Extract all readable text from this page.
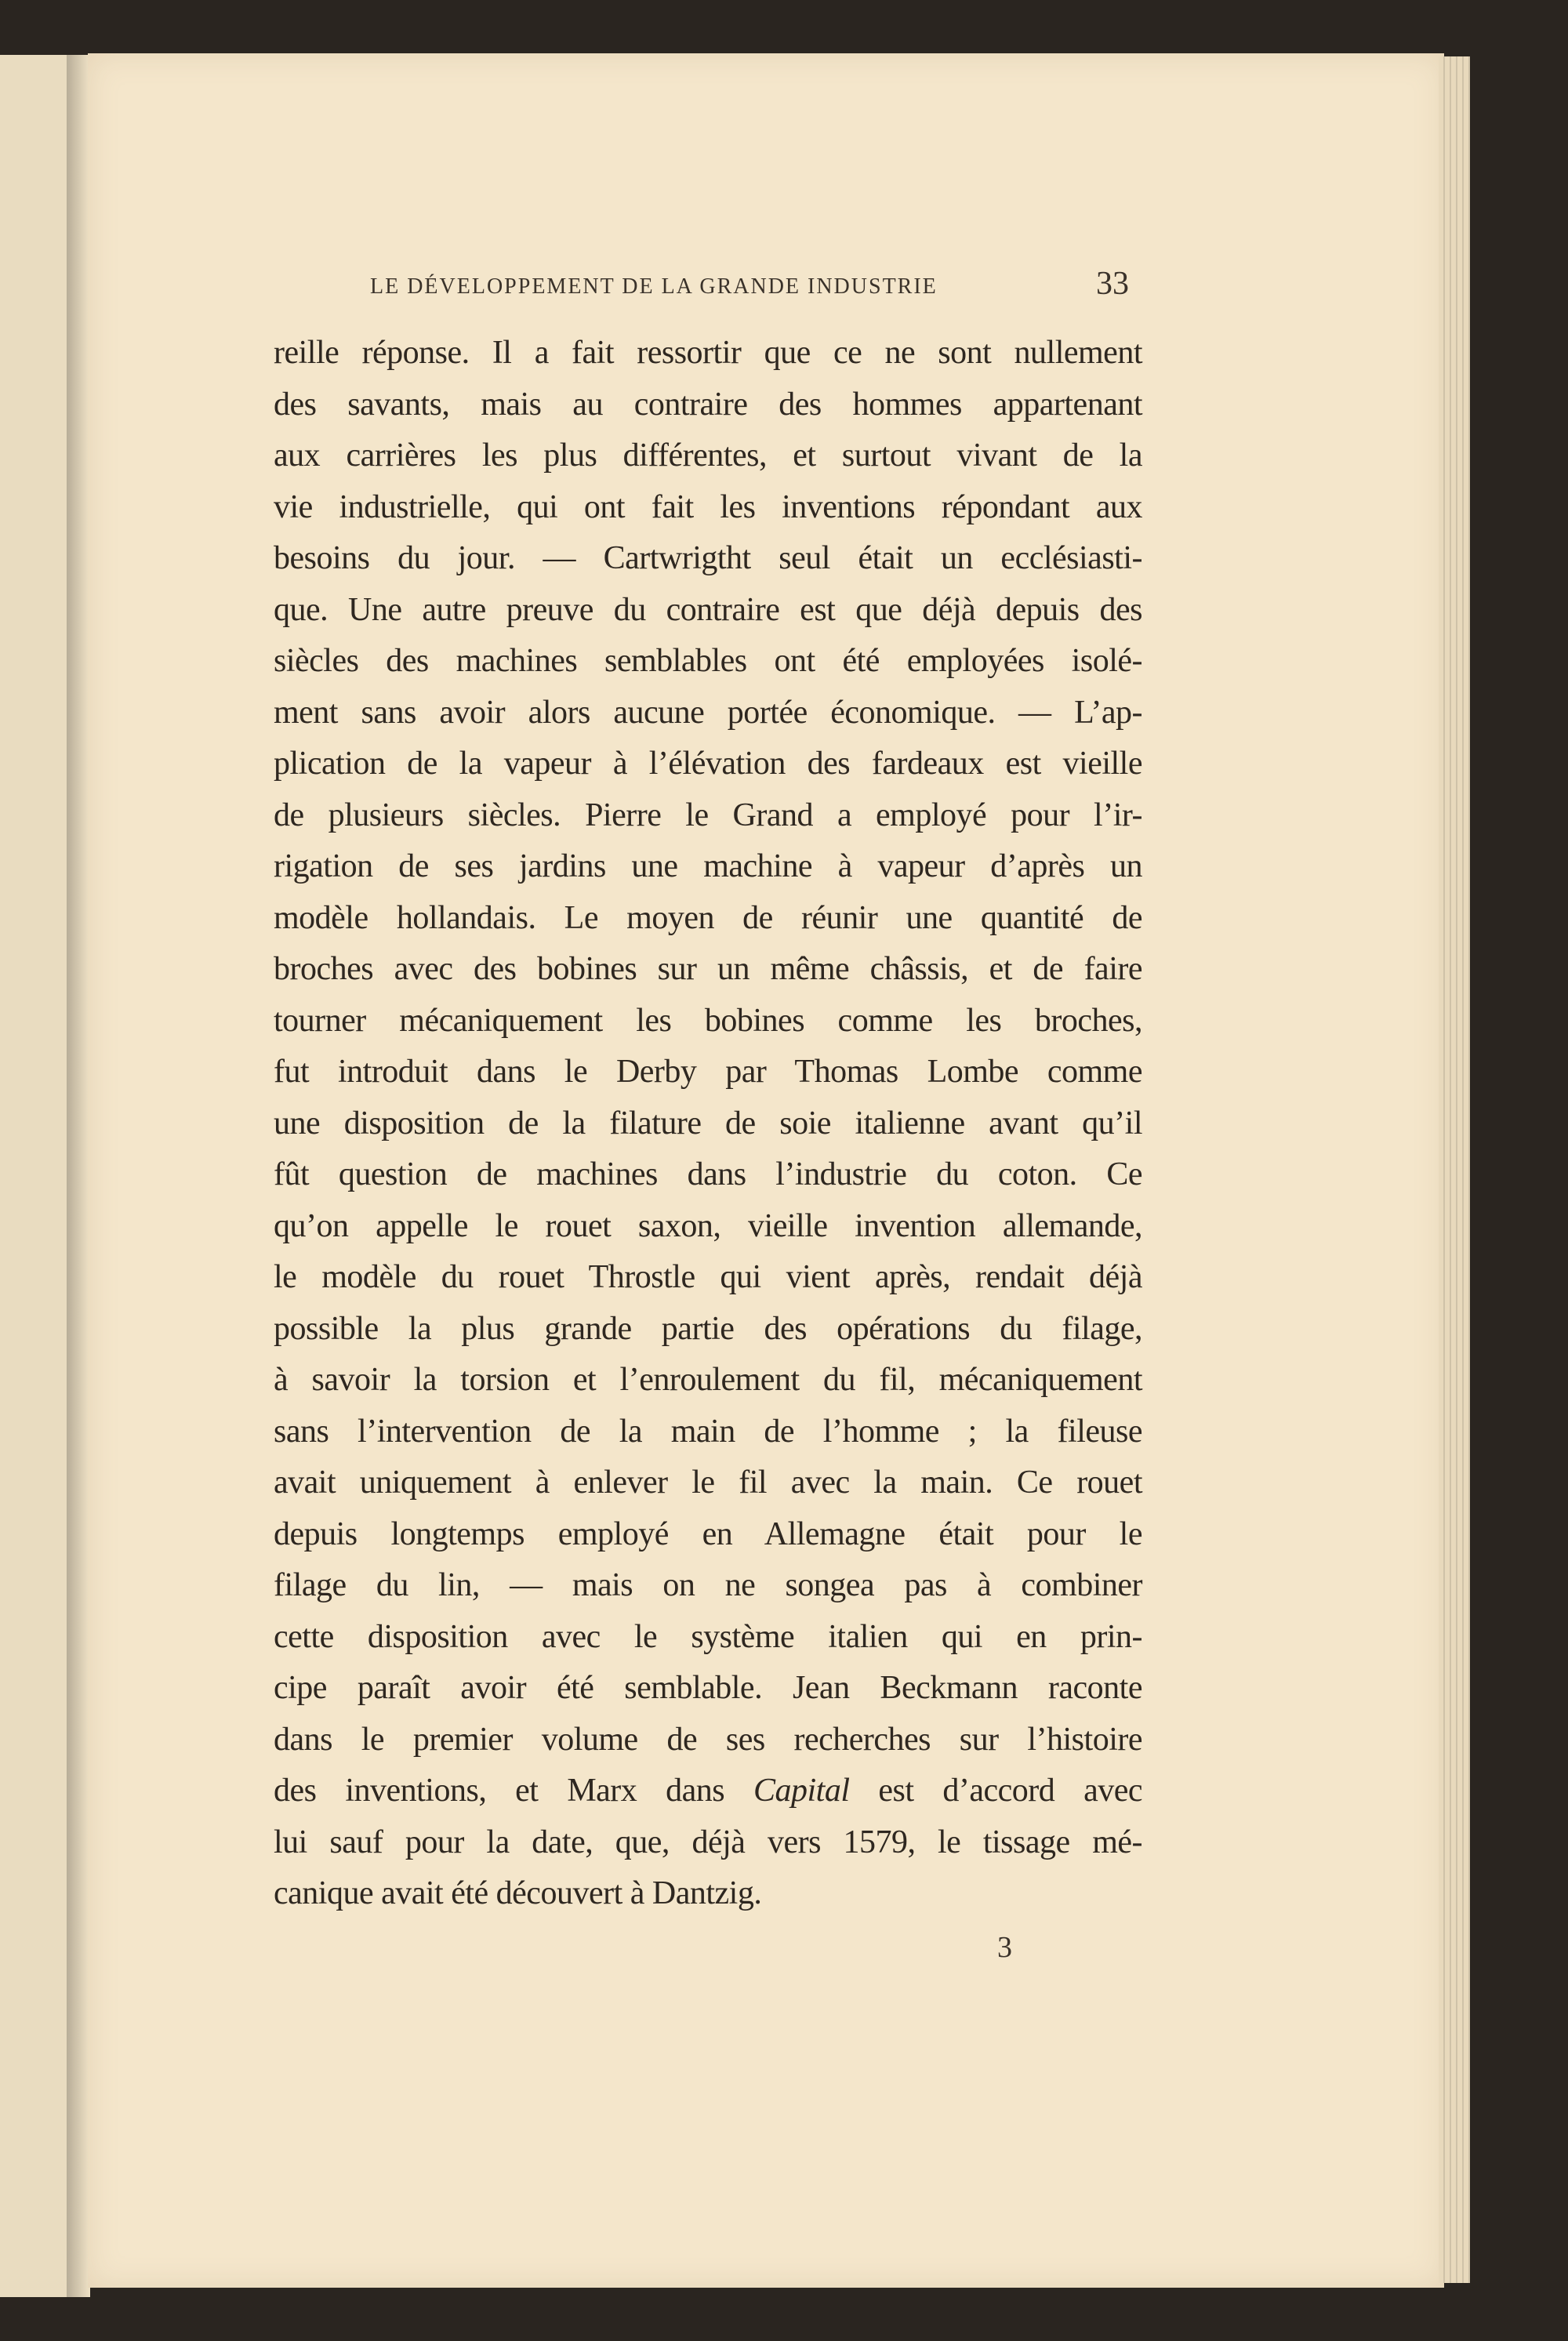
LE DÉVELOPPEMENT DE LA GRANDE INDUSTRIE	33
reille réponse. Il a fait ressortir que ce ne sont nullement
des savants, mais au contraire des hommes appartenant
aux carrières les plus différentes, et surtout vivant de la
vie industrielle, qui ont fait les inventions répondant aux
besoins du jour. — Cartwrigtht seul était un ecclésiasti-
que. Une autre preuve du contraire est que déjà depuis des
siècles des machines semblables ont été employées isolé-
ment sans avoir alors aucune portée économique. — L’ap-
plication de la vapeur à l’élévation des fardeaux est vieille
de plusieurs siècles. Pierre le Grand a employé pour l’ir-
rigation de ses jardins une machine à vapeur d’après un
modèle hollandais. Le moyen de réunir une quantité de
broches avec des bobines sur un même châssis, et de faire
tourner mécaniquement les bobines comme les broches,
fut introduit dans le Derby par Thomas Lombe comme
une disposition de la filature de soie italienne avant qu’il
fût question de machines dans l’industrie du coton. Ce
qu’on appelle le rouet saxon, vieille invention allemande,
le modèle du rouet Throstle qui vient après, rendait déjà
possible la plus grande partie des opérations du filage,
à savoir la torsion et l’enroulement du fil, mécaniquement
sans l’intervention de la main de l’homme ; la fileuse
avait uniquement à enlever le fil avec la main. Ce rouet
depuis longtemps employé en Allemagne était pour le
filage du lin, — mais on ne songea pas à combiner
cette disposition avec le système italien qui en prin-
cipe paraît avoir été semblable. Jean Beckmann raconte
dans le premier volume de ses recherches sur l’histoire
des inventions, et Marx dans Capital est d’accord avec
lui sauf pour la date, que, déjà vers 1579, le tissage mé-
canique avait été découvert à Dantzig.
3
